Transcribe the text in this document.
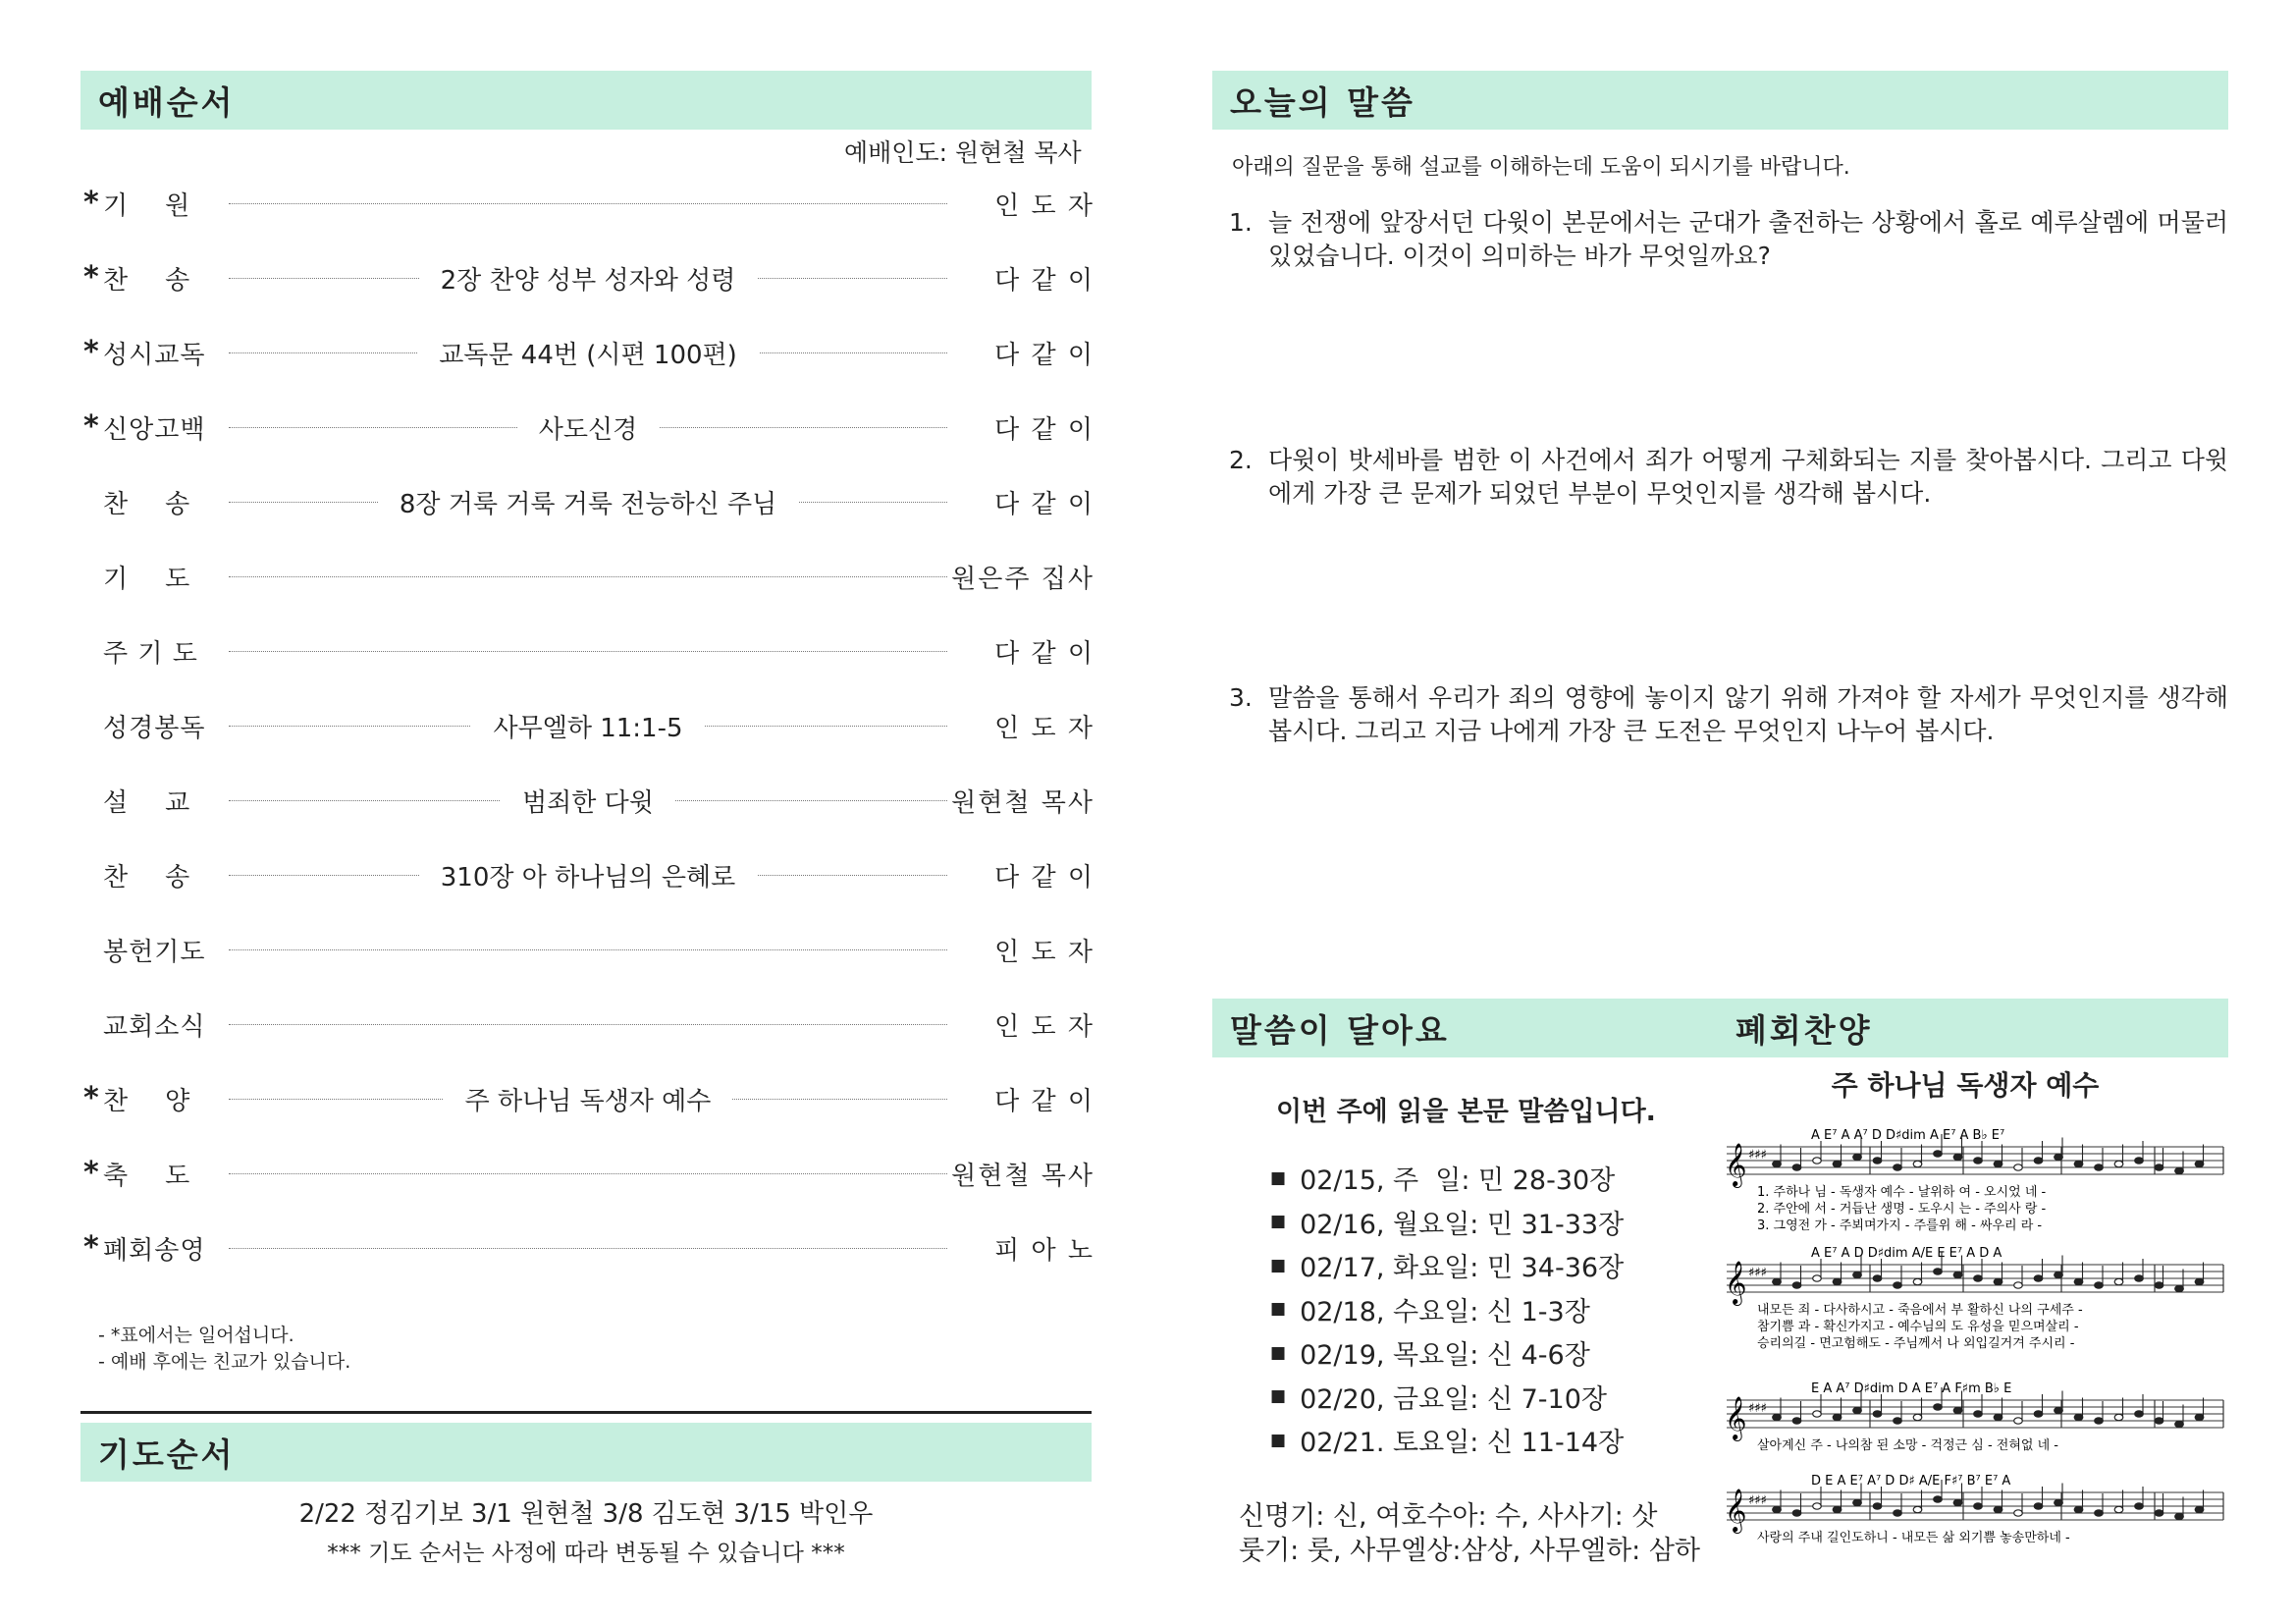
예배순서
예배인도: 원현철 목사
* 기    원	인 도 자
* 찬    송	2장 찬양 성부 성자와 성령	다 같 이
* 성시교독	교독문 44번 (시편 100편)	다 같 이
* 신앙고백	사도신경	다 같 이
찬    송	8장 거룩 거룩 거룩 전능하신 주님	다 같 이
기    도	원은주 집사
주 기 도	다 같 이
성경봉독	사무엘하 11:1-5	인 도 자
설    교	범죄한 다윗	원현철 목사
찬    송	310장 아 하나님의 은혜로	다 같 이
봉헌기도	인 도 자
교회소식	인 도 자
* 찬    양	주 하나님 독생자 예수	다 같 이
* 축    도	원현철 목사
* 폐회송영	피 아 노
- *표에서는 일어섭니다.
- 예배 후에는 친교가 있습니다.
기도순서
2/22 정김기보 3/1 원현철 3/8 김도현 3/15 박인우
*** 기도 순서는 사정에 따라 변동될 수 있습니다 ***
오늘의 말씀
아래의 질문을 통해 설교를 이해하는데 도움이 되시기를 바랍니다.
1. 늘 전쟁에 앞장서던 다윗이 본문에서는 군대가 출전하는 상황에서 홀로 예루살렘에 머물러 있었습니다. 이것이 의미하는 바가 무엇일까요?
2. 다윗이 밧세바를 범한 이 사건에서 죄가 어떻게 구체화되는 지를 찾아봅시다. 그리고 다윗에게 가장 큰 문제가 되었던 부분이 무엇인지를 생각해 봅시다.
3. 말씀을 통해서 우리가 죄의 영향에 놓이지 않기 위해 가져야 할 자세가 무엇인지를 생각해 봅시다. 그리고 지금 나에게 가장 큰 도전은 무엇인지 나누어 봅시다.
말씀이 달아요	폐회찬양
이번 주에 읽을 본문 말씀입니다.
■ 02/15, 주  일: 민 28-30장
■ 02/16, 월요일: 민 31-33장
■ 02/17, 화요일: 민 34-36장
■ 02/18, 수요일: 신 1-3장
■ 02/19, 목요일: 신 4-6장
■ 02/20, 금요일: 신 7-10장
■ 02/21. 토요일: 신 11-14장
신명기: 신, 여호수아: 수, 사사기: 삿
룻기: 룻, 사무엘상:삼상, 사무엘하: 삼하
주 하나님 독생자 예수
A E⁷ A A⁷ D D♯dim A E⁷ A B♭ E⁷
𝄞 ♯♯♯
1. 주하나 님 - 독생자 예수 - 날위하 여 - 오시었 네 -
2. 주안에 서 - 거듭난 생명 - 도우시 는 - 주의사 랑 -
3. 그영전 가 - 주뵈며가지 - 주를위 해 - 싸우리 라 -
A E⁷ A D D♯dim A/E E E⁷ A D A
𝄞 ♯♯♯
내모든 죄 - 다사하시고 - 죽음에서 부 활하신 나의 구세주 -
참기쁨 과 - 확신가지고 - 예수님의 도 유성을 믿으며살리 -
승리의길 - 면고험해도 - 주님께서 나 외입길거겨 주시리 -
E A A⁷ D♯dim D A E⁷ A F♯m B♭ E
𝄞 ♯♯♯
살아계신 주 - 나의참 된 소망 - 걱정근 심 - 전혀없 네 -
D E A E⁷ A⁷ D D♯ A/E F♯⁷ B⁷ E⁷ A
𝄞 ♯♯♯
사랑의 주내 길인도하니 - 내모든 삶 외기쁨 놓송만하네 -
